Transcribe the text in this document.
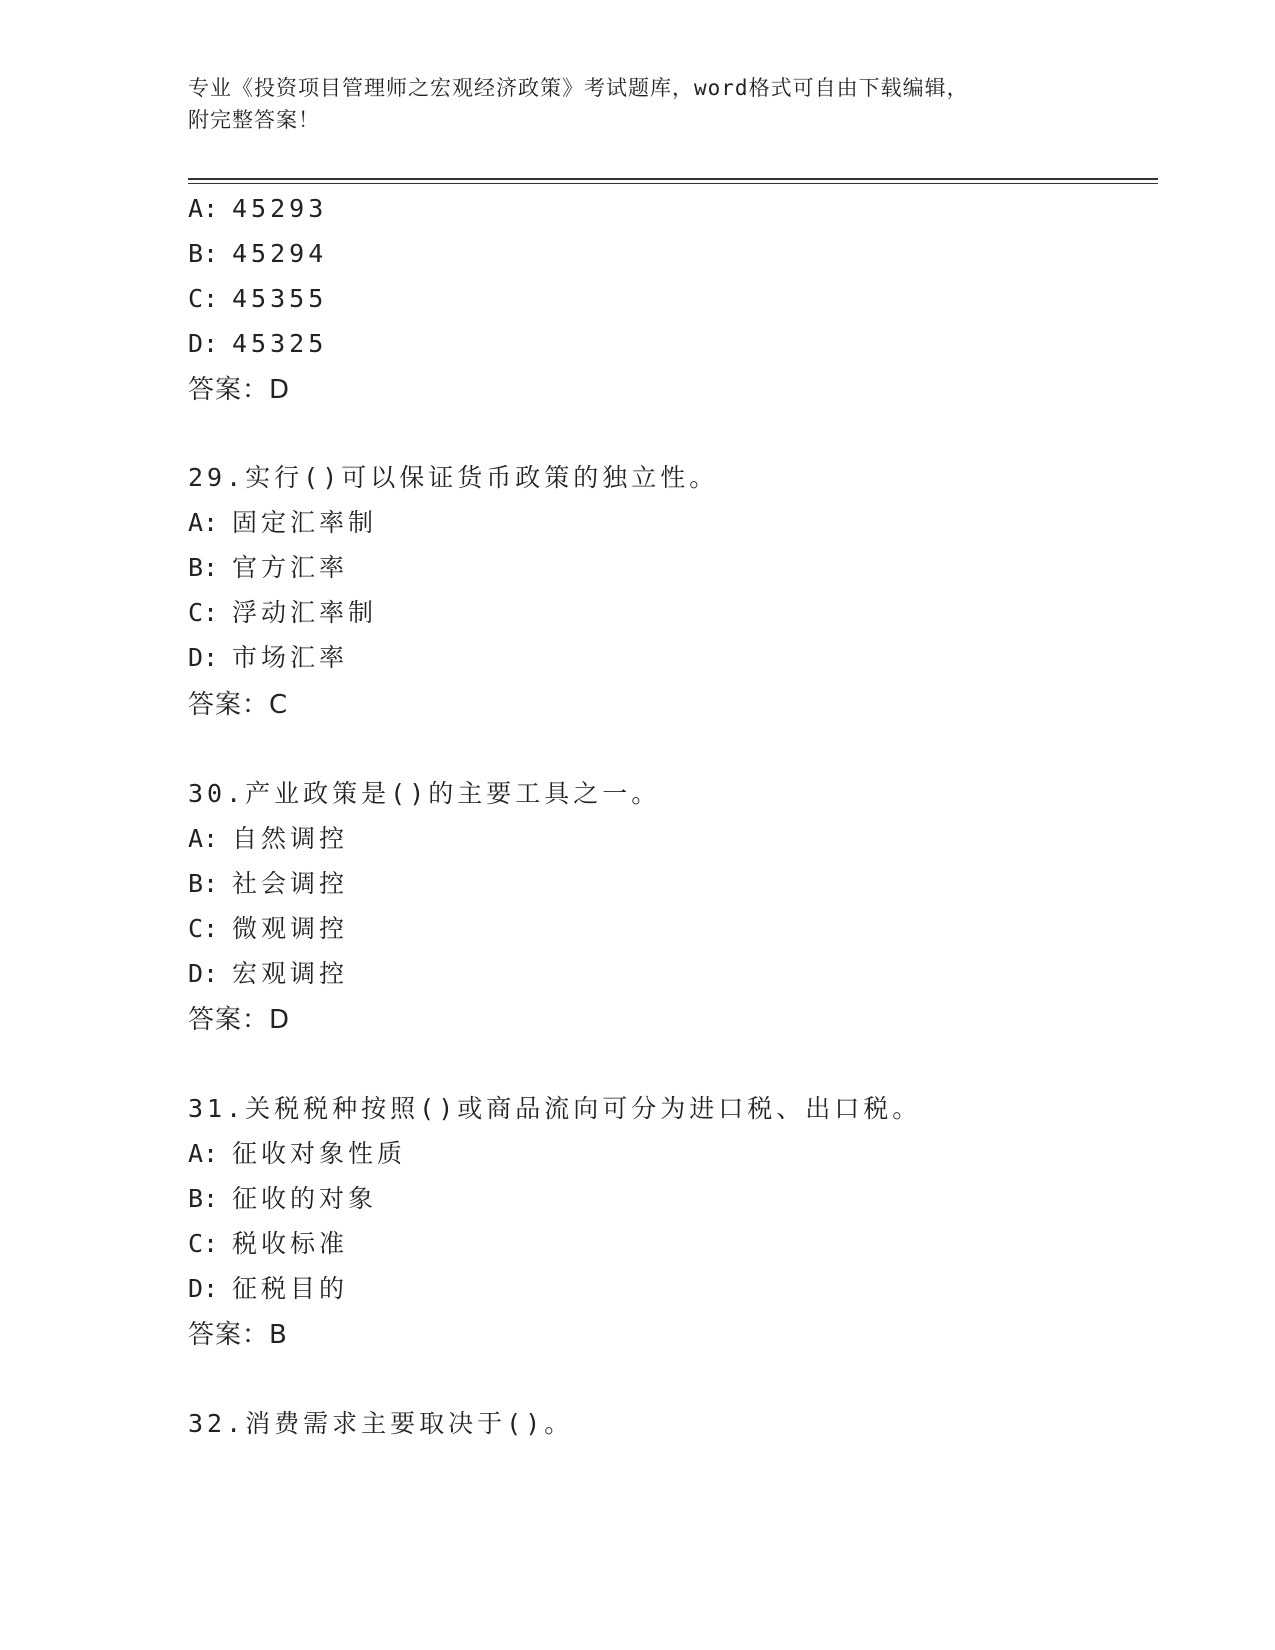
专业《投资项目管理师之宏观经济政策》考试题库，word格式可自由下载编辑，
附完整答案！
A: 45293
B: 45294
C: 45355
D: 45325
答案：D
29.实行()可以保证货币政策的独立性。
A: 固定汇率制
B: 官方汇率
C: 浮动汇率制
D: 市场汇率
答案：C
30.产业政策是()的主要工具之一。
A: 自然调控
B: 社会调控
C: 微观调控
D: 宏观调控
答案：D
31.关税税种按照()或商品流向可分为进口税、出口税。
A: 征收对象性质
B: 征收的对象
C: 税收标准
D: 征税目的
答案：B
32.消费需求主要取决于()。
